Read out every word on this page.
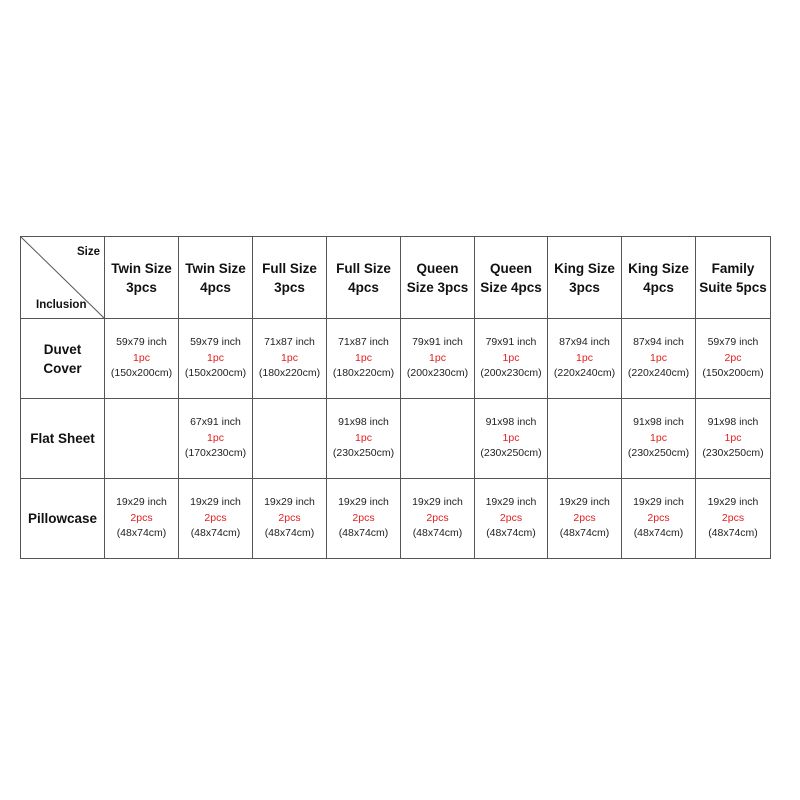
Size
Inclusion	Twin Size
3pcs	Twin Size
4pcs	Full Size
3pcs	Full Size
4pcs	Queen
Size 3pcs	Queen
Size 4pcs	King Size
3pcs	King Size
4pcs	Family
Suite 5pcs

Duvet
Cover	59x79 inch
1pc
(150x200cm)	59x79 inch
1pc
(150x200cm)	71x87 inch
1pc
(180x220cm)	71x87 inch
1pc
(180x220cm)	79x91 inch
1pc
(200x230cm)	79x91 inch
1pc
(200x230cm)	87x94 inch
1pc
(220x240cm)	87x94 inch
1pc
(220x240cm)	59x79 inch
2pc
(150x200cm)

Flat Sheet		67x91 inch
1pc
(170x230cm)		91x98 inch
1pc
(230x250cm)		91x98 inch
1pc
(230x250cm)		91x98 inch
1pc
(230x250cm)	91x98 inch
1pc
(230x250cm)

Pillowcase	19x29 inch
2pcs
(48x74cm)	19x29 inch
2pcs
(48x74cm)	19x29 inch
2pcs
(48x74cm)	19x29 inch
2pcs
(48x74cm)	19x29 inch
2pcs
(48x74cm)	19x29 inch
2pcs
(48x74cm)	19x29 inch
2pcs
(48x74cm)	19x29 inch
2pcs
(48x74cm)	19x29 inch
2pcs
(48x74cm)
